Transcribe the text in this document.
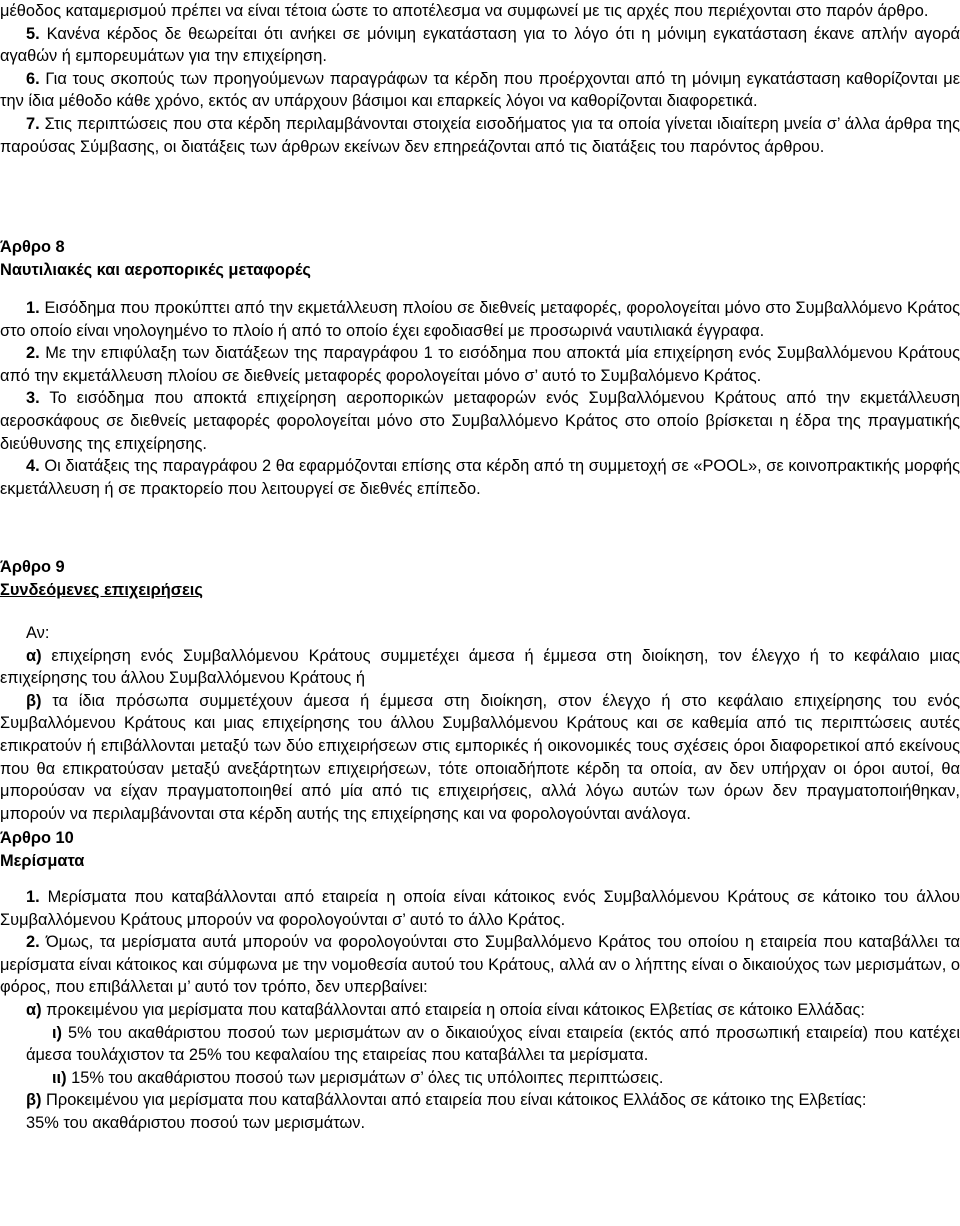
μέθοδος καταμερισμού πρέπει να είναι τέτοια ώστε το αποτέλεσμα να συμφωνεί με τις αρχές που περιέχονται στο παρόν άρθρο.

5. Κανένα κέρδος δε θεωρείται ότι ανήκει σε μόνιμη εγκατάσταση για το λόγο ότι η μόνιμη εγκατάσταση έκανε απλήν αγορά αγαθών ή εμπορευμάτων για την επιχείρηση.

6. Για τους σκοπούς των προηγούμενων παραγράφων τα κέρδη που προέρχονται από τη μόνιμη εγκατάσταση καθορίζονται με την ίδια μέθοδο κάθε χρόνο, εκτός αν υπάρχουν βάσιμοι και επαρκείς λόγοι να καθορίζονται διαφορετικά.

7. Στις περιπτώσεις που στα κέρδη περιλαμβάνονται στοιχεία εισοδήματος για τα οποία γίνεται ιδιαίτερη μνεία σ’ άλλα άρθρα της παρούσας Σύμβασης, οι διατάξεις των άρθρων εκείνων δεν επηρεάζονται από τις διατάξεις του παρόντος άρθρου.

Άρθρο 8

Ναυτιλιακές και αεροπορικές μεταφορές

1. Εισόδημα που προκύπτει από την εκμετάλλευση πλοίου σε διεθνείς μεταφορές, φορολογείται μόνο στο Συμβαλλόμενο Κράτος στο οποίο είναι νηολογημένο το πλοίο ή από το οποίο έχει εφοδιασθεί με προσωρινά ναυτιλιακά έγγραφα.

2. Με την επιφύλαξη των διατάξεων της παραγράφου 1 το εισόδημα που αποκτά μία επιχείρηση ενός Συμβαλλόμενου Κράτους από την εκμετάλλευση πλοίου σε διεθνείς μεταφορές φορολογείται μόνο σ’ αυτό το Συμβαλόμενο Κράτος.

3. Το εισόδημα που αποκτά επιχείρηση αεροπορικών μεταφορών ενός Συμβαλλόμενου Κράτους από την εκμετάλλευση αεροσκάφους σε διεθνείς μεταφορές φορολογείται μόνο στο Συμβαλλόμενο Κράτος στο οποίο βρίσκεται η έδρα της πραγματικής διεύθυνσης της επιχείρησης.

4. Οι διατάξεις της παραγράφου 2 θα εφαρμόζονται επίσης στα κέρδη από τη συμμετοχή σε «POOL», σε κοινοπρακτικής μορφής εκμετάλλευση ή σε πρακτορείο που λειτουργεί σε διεθνές επίπεδο.

Άρθρο 9

Συνδεόμενες επιχειρήσεις

Αν:

α) επιχείρηση ενός Συμβαλλόμενου Κράτους συμμετέχει άμεσα ή έμμεσα στη διοίκηση, τον έλεγχο ή το κεφάλαιο μιας επιχείρησης του άλλου Συμβαλλόμενου Κράτους ή

β) τα ίδια πρόσωπα συμμετέχουν άμεσα ή έμμεσα στη διοίκηση, στον έλεγχο ή στο κεφάλαιο επιχείρησης του ενός Συμβαλλόμενου Κράτους και μιας επιχείρησης του άλλου Συμβαλλόμενου Κράτους και σε καθεμία από τις περιπτώσεις αυτές επικρατούν ή επιβάλλονται μεταξύ των δύο επιχειρήσεων στις εμπορικές ή οικονομικές τους σχέσεις όροι διαφορετικοί από εκείνους που θα επικρατούσαν μεταξύ ανεξάρτητων επιχειρήσεων, τότε οποιαδήποτε κέρδη τα οποία, αν δεν υπήρχαν οι όροι αυτοί, θα μπορούσαν να είχαν πραγματοποιηθεί από μία από τις επιχειρήσεις, αλλά λόγω αυτών των όρων δεν πραγματοποιήθηκαν, μπορούν να περιλαμβάνονται στα κέρδη αυτής της επιχείρησης και να φορολογούνται ανάλογα.

Άρθρο 10

Μερίσματα

1. Μερίσματα που καταβάλλονται από εταιρεία η οποία είναι κάτοικος ενός Συμβαλλόμενου Κράτους σε κάτοικο του άλλου Συμβαλλόμενου Κράτους μπορούν να φορολογούνται σ’ αυτό το άλλο Κράτος.

2. Όμως, τα μερίσματα αυτά μπορούν να φορολογούνται στο Συμβαλλόμενο Κράτος του οποίου η εταιρεία που καταβάλλει τα μερίσματα είναι κάτοικος και σύμφωνα με την νομοθεσία αυτού του Κράτους, αλλά αν ο λήπτης είναι ο δικαιούχος των μερισμάτων, ο φόρος, που επιβάλλεται μ’ αυτό τον τρόπο, δεν υπερβαίνει:

α) προκειμένου για μερίσματα που καταβάλλονται από εταιρεία η οποία είναι κάτοικος Ελβετίας σε κάτοικο Ελλάδας:

ι) 5% του ακαθάριστου ποσού των μερισμάτων αν ο δικαιούχος είναι εταιρεία (εκτός από προσωπική εταιρεία) που κατέχει άμεσα τουλάχιστον τα 25% του κεφαλαίου της εταιρείας που καταβάλλει τα μερίσματα.

ιι) 15% του ακαθάριστου ποσού των μερισμάτων σ’ όλες τις υπόλοιπες περιπτώσεις.

β) Προκειμένου για μερίσματα που καταβάλλονται από εταιρεία που είναι κάτοικος Ελλάδος σε κάτοικο της Ελβετίας:

35% του ακαθάριστου ποσού των μερισμάτων.
